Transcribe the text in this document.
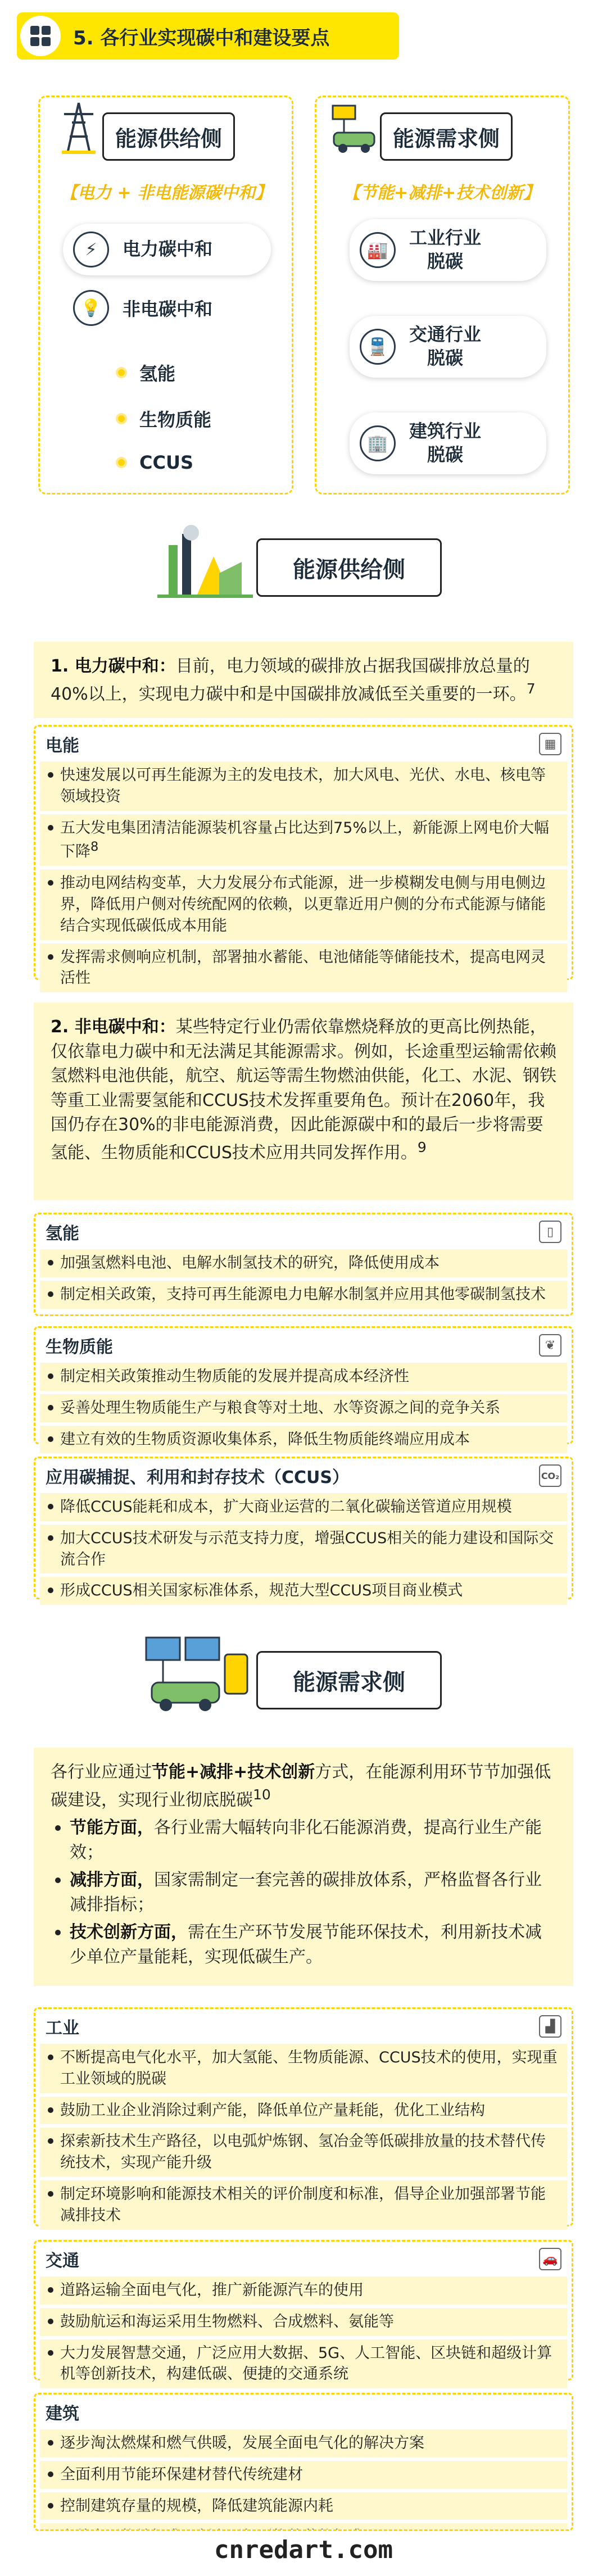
5. 各行业实现碳中和建设要点
能源供给侧
【电力 + 非电能源碳中和】
⚡	电力碳中和
💡	非电碳中和
氢能
生物质能
CCUS
能源需求侧
【节能+减排+技术创新】
🏭
工业行业
脱碳
🚆
交通行业
脱碳
🏢
建筑行业
脱碳
能源供给侧
1. 电力碳中和：目前，电力领域的碳排放占据我国碳排放总量的40%以上，实现电力碳中和是中国碳排放减低至关重要的一环。$^7$
电能	▦
快速发展以可再生能源为主的发电技术，加大风电、光伏、水电、核电等领域投资
五大发电集团清洁能源装机容量占比达到75%以上，新能源上网电价大幅下降$^8$
推动电网结构变革，大力发展分布式能源，进一步模糊发电侧与用电侧边界，降低用户侧对传统配网的依赖，以更靠近用户侧的分布式能源与储能结合实现低碳低成本用能
发挥需求侧响应机制，部署抽水蓄能、电池储能等储能技术，提高电网灵活性
2. 非电碳中和：某些特定行业仍需依靠燃烧释放的更高比例热能，仅依靠电力碳中和无法满足其能源需求。例如，长途重型运输需依赖氢燃料电池供能，航空、航运等需生物燃油供能，化工、水泥、钢铁等重工业需要氢能和CCUS技术发挥重要角色。预计在2060年，我国仍存在30%的非电能源消费，因此能源碳中和的最后一步将需要氢能、生物质能和CCUS技术应用共同发挥作用。$^9$
氢能	▯
加强氢燃料电池、电解水制氢技术的研究，降低使用成本
制定相关政策，支持可再生能源电力电解水制氢并应用其他零碳制氢技术
生物质能	❦
制定相关政策推动生物质能的发展并提高成本经济性
妥善处理生物质能生产与粮食等对土地、水等资源之间的竞争关系
建立有效的生物质资源收集体系，降低生物质能终端应用成本
应用碳捕捉、利用和封存技术（CCUS）	CO₂
降低CCUS能耗和成本，扩大商业运营的二氧化碳输送管道应用规模
加大CCUS技术研发与示范支持力度，增强CCUS相关的能力建设和国际交流合作
形成CCUS相关国家标准体系，规范大型CCUS项目商业模式
能源需求侧
各行业应通过节能+减排+技术创新方式，在能源利用环节节加强低碳建设，实现行业彻底脱碳$^{10}$
节能方面，各行业需大幅转向非化石能源消费，提高行业生产能效；
减排方面，国家需制定一套完善的碳排放体系，严格监督各行业减排指标；
技术创新方面，需在生产环节发展节能环保技术，利用新技术减少单位产量能耗，实现低碳生产。
工业	▟
不断提高电气化水平，加大氢能、生物质能源、CCUS技术的使用，实现重工业领域的脱碳
鼓励工业企业消除过剩产能，降低单位产量耗能，优化工业结构
探索新技术生产路径，以电弧炉炼钢、氢冶金等低碳排放量的技术替代传统技术，实现产能升级
制定环境影响和能源技术相关的评价制度和标准，倡导企业加强部署节能减排技术
交通	🚗
道路运输全面电气化，推广新能源汽车的使用
鼓励航运和海运采用生物燃料、合成燃料、氨能等
大力发展智慧交通，广泛应用大数据、5G、人工智能、区块链和超级计算机等创新技术，构建低碳、便捷的交通系统
建筑
逐步淘汰燃煤和燃气供暖，发展全面电气化的解决方案
全面利用节能环保建材替代传统建材
控制建筑存量的规模，降低建筑能源内耗
cnredart.com
